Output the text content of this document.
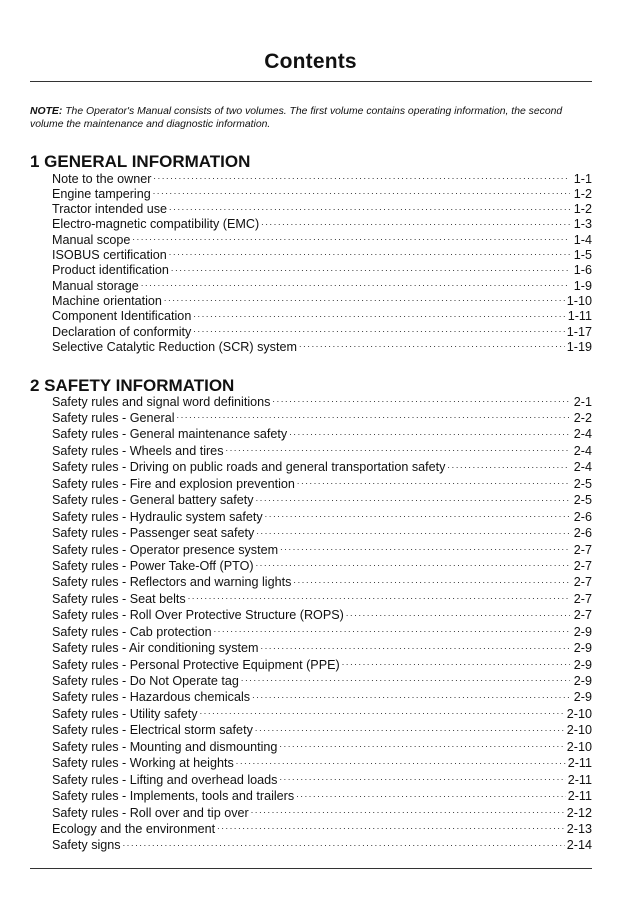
Contents

NOTE: The Operator's Manual consists of two volumes. The first volume contains operating information, the second volume the maintenance and diagnostic information.

1 GENERAL INFORMATION
Note to the owner . . .	1-1
Engine tampering . . .	1-2
Tractor intended use . . .	1-2
Electro-magnetic compatibility (EMC) . . .	1-3
Manual scope . . .	1-4
ISOBUS certification . . .	1-5
Product identification . . .	1-6
Manual storage . . .	1-9
Machine orientation . . .	1-10
Component Identification . . .	1-11
Declaration of conformity . . .	1-17
Selective Catalytic Reduction (SCR) system . . .	1-19
2 SAFETY INFORMATION
Safety rules and signal word definitions . . .	2-1
Safety rules - General . . .	2-2
Safety rules - General maintenance safety . . .	2-4
Safety rules - Wheels and tires . . .	2-4
Safety rules - Driving on public roads and general transportation safety . . .	2-4
Safety rules - Fire and explosion prevention . . .	2-5
Safety rules - General battery safety . . .	2-5
Safety rules - Hydraulic system safety . . .	2-6
Safety rules - Passenger seat safety . . .	2-6
Safety rules - Operator presence system . . .	2-7
Safety rules - Power Take-Off (PTO) . . .	2-7
Safety rules - Reflectors and warning lights . . .	2-7
Safety rules - Seat belts . . .	2-7
Safety rules - Roll Over Protective Structure (ROPS) . . .	2-7
Safety rules - Cab protection . . .	2-9
Safety rules - Air conditioning system . . .	2-9
Safety rules - Personal Protective Equipment (PPE) . . .	2-9
Safety rules - Do Not Operate tag . . .	2-9
Safety rules - Hazardous chemicals . . .	2-9
Safety rules - Utility safety . . .	2-10
Safety rules - Electrical storm safety . . .	2-10
Safety rules - Mounting and dismounting . . .	2-10
Safety rules - Working at heights . . .	2-11
Safety rules - Lifting and overhead loads . . .	2-11
Safety rules - Implements, tools and trailers . . .	2-11
Safety rules - Roll over and tip over . . .	2-12
Ecology and the environment . . .	2-13
Safety signs . . .	2-14
